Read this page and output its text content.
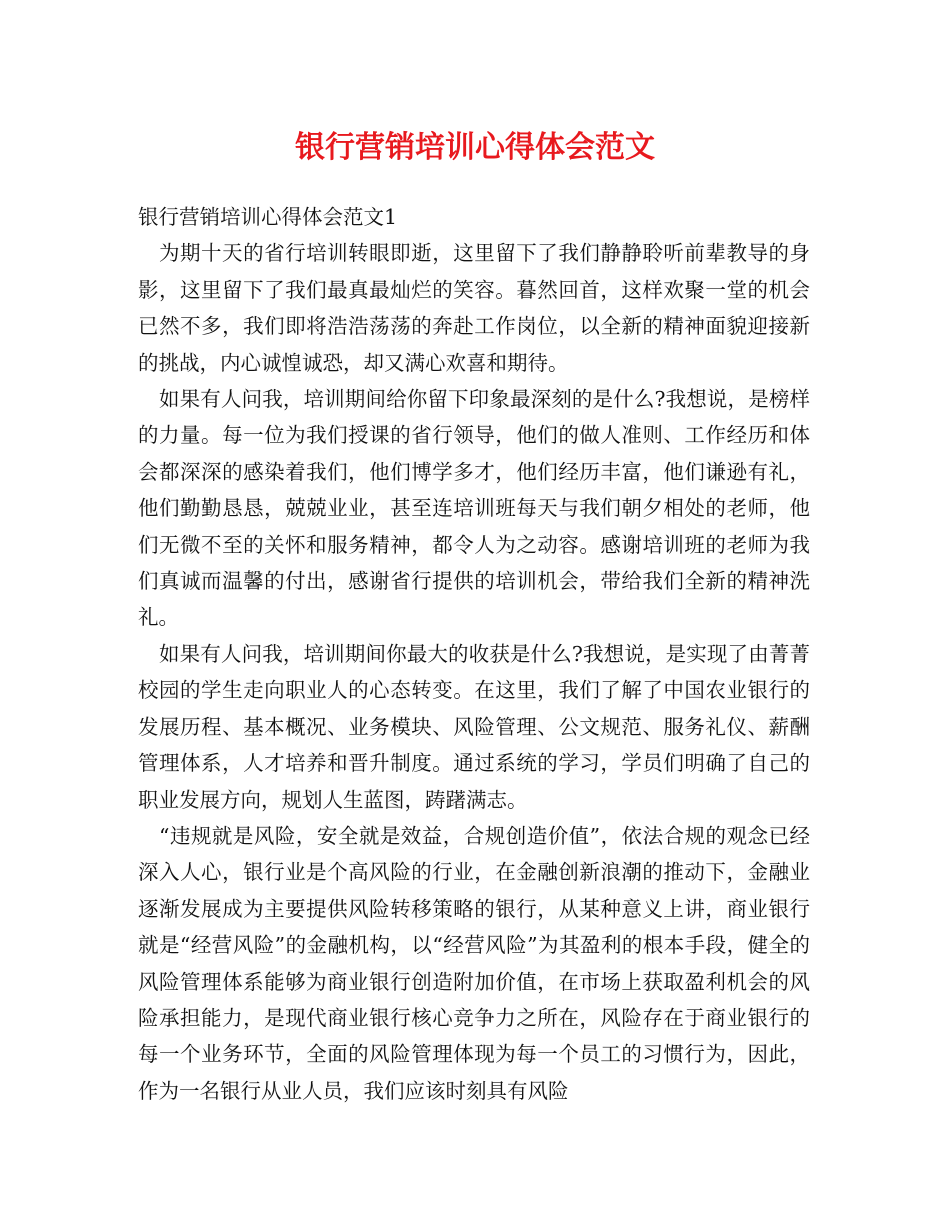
银行营销培训心得体会范文

银行营销培训心得体会范文1

为期十天的省行培训转眼即逝，这里留下了我们静静聆听前辈教导的身影，这里留下了我们最真最灿烂的笑容。暮然回首，这样欢聚一堂的机会已然不多，我们即将浩浩荡荡的奔赴工作岗位，以全新的精神面貌迎接新的挑战，内心诚惶诚恐，却又满心欢喜和期待。

如果有人问我，培训期间给你留下印象最深刻的是什么?我想说，是榜样的力量。每一位为我们授课的省行领导，他们的做人准则、工作经历和体会都深深的感染着我们，他们博学多才，他们经历丰富，他们谦逊有礼，他们勤勤恳恳，兢兢业业，甚至连培训班每天与我们朝夕相处的老师，他们无微不至的关怀和服务精神，都令人为之动容。感谢培训班的老师为我们真诚而温馨的付出，感谢省行提供的培训机会，带给我们全新的精神洗礼。

如果有人问我，培训期间你最大的收获是什么?我想说，是实现了由菁菁校园的学生走向职业人的心态转变。在这里，我们了解了中国农业银行的发展历程、基本概况、业务模块、风险管理、公文规范、服务礼仪、薪酬管理体系，人才培养和晋升制度。通过系统的学习，学员们明确了自己的职业发展方向，规划人生蓝图，踌躇满志。

“违规就是风险，安全就是效益，合规创造价值”，依法合规的观念已经深入人心，银行业是个高风险的行业，在金融创新浪潮的推动下，金融业逐渐发展成为主要提供风险转移策略的银行，从某种意义上讲，商业银行就是“经营风险”的金融机构，以“经营风险”为其盈利的根本手段，健全的风险管理体系能够为商业银行创造附加价值，在市场上获取盈利机会的风险承担能力，是现代商业银行核心竞争力之所在，风险存在于商业银行的每一个业务环节，全面的风险管理体现为每一个员工的习惯行为，因此，作为一名银行从业人员，我们应该时刻具有风险
